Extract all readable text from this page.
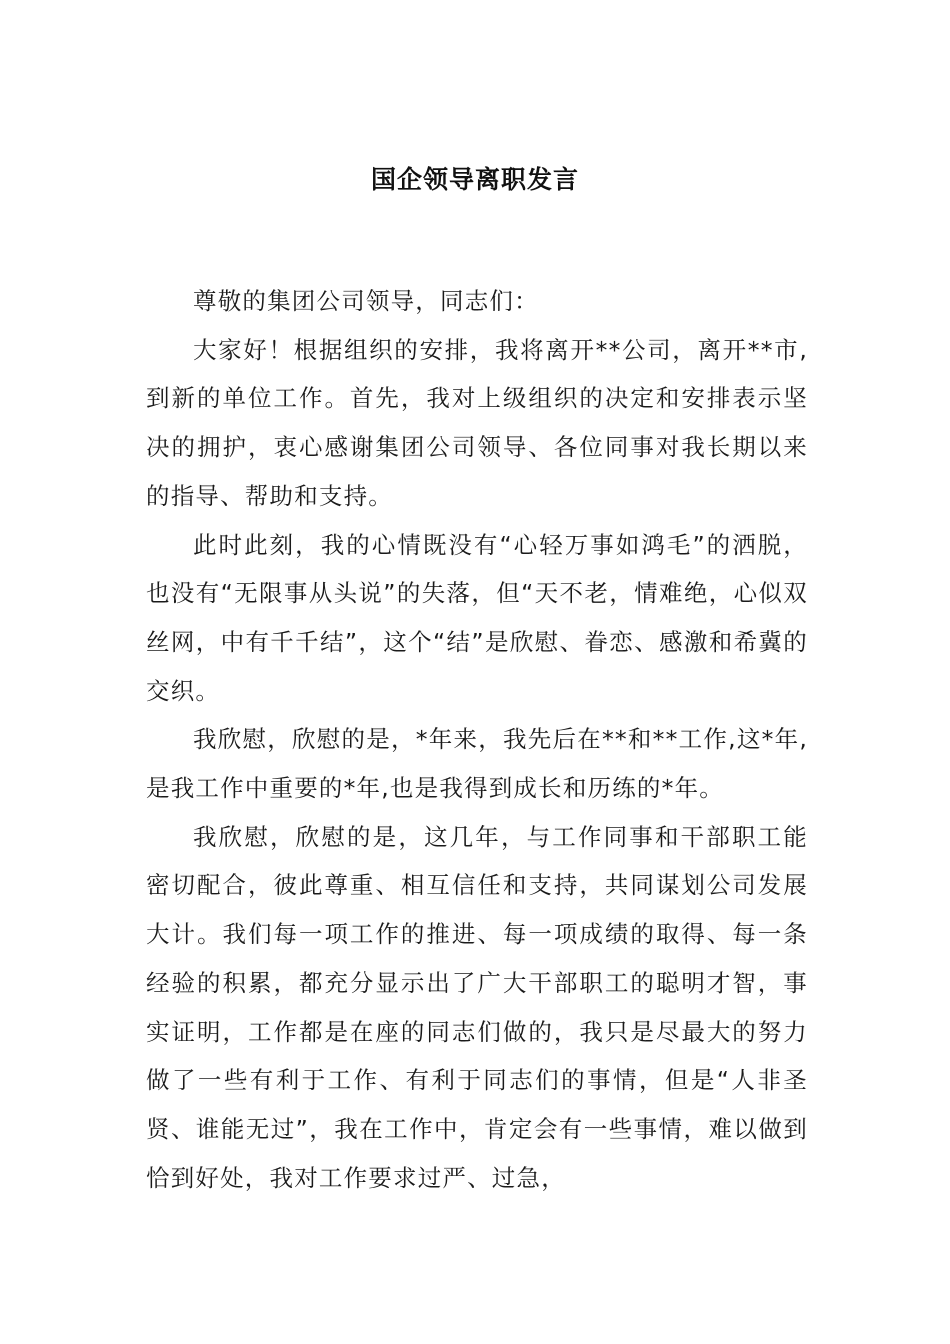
国企领导离职发言

尊敬的集团公司领导，同志们：

大家好！根据组织的安排，我将离开**公司，离开**市,到新的单位工作。首先，我对上级组织的决定和安排表示坚决的拥护，衷心感谢集团公司领导、各位同事对我长期以来的指导、帮助和支持。

此时此刻，我的心情既没有“心轻万事如鸿毛”的洒脱，也没有“无限事从头说”的失落，但“天不老，情难绝，心似双丝网，中有千千结”，这个“结”是欣慰、眷恋、感激和希冀的交织。

我欣慰，欣慰的是，*年来，我先后在**和**工作,这*年,是我工作中重要的*年,也是我得到成长和历练的*年。

我欣慰，欣慰的是，这几年，与工作同事和干部职工能密切配合，彼此尊重、相互信任和支持，共同谋划公司发展大计。我们每一项工作的推进、每一项成绩的取得、每一条经验的积累，都充分显示出了广大干部职工的聪明才智，事实证明，工作都是在座的同志们做的，我只是尽最大的努力做了一些有利于工作、有利于同志们的事情，但是“人非圣贤、谁能无过”，我在工作中，肯定会有一些事情，难以做到恰到好处，我对工作要求过严、过急，
